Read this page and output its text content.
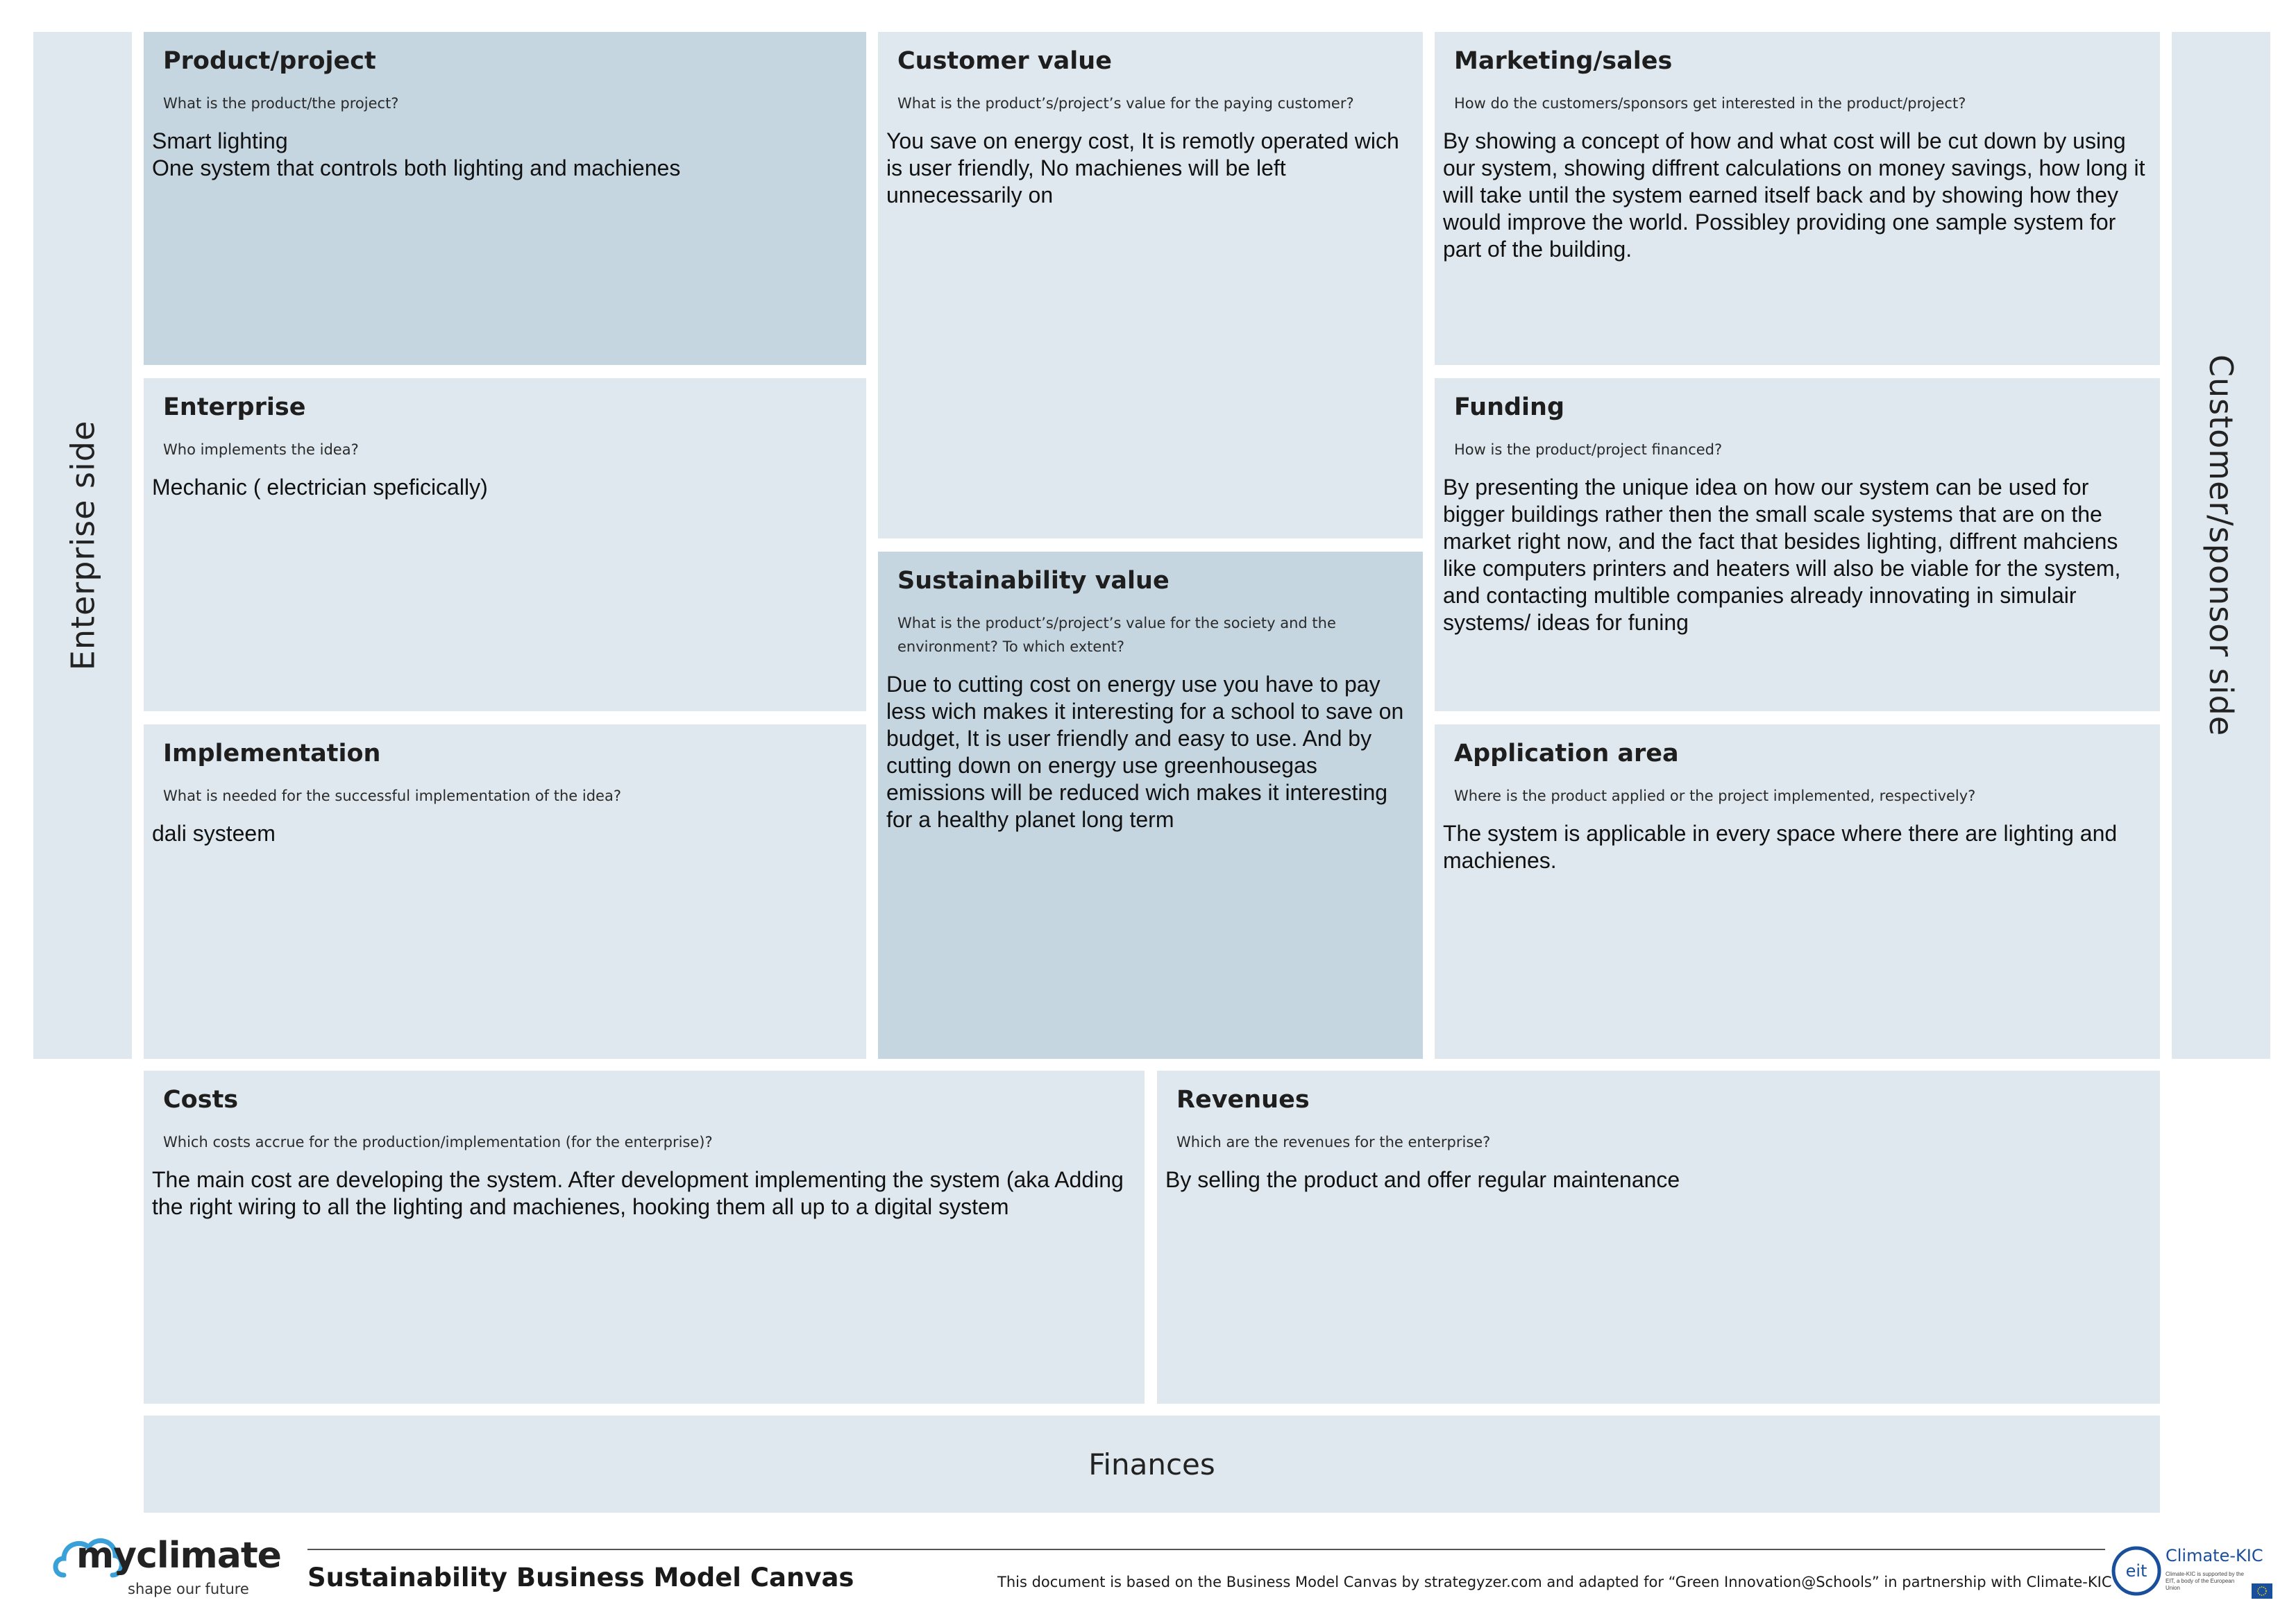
Enterprise side	Customer/sponsor side
Product/project
What is the product/the project?
Smart lighting
One system that controls both lighting and machienes
Customer value
What is the product’s/project’s value for the paying customer?
You save on energy cost, It is remotly operated wich is user friendly, No machienes will be left unnecessarily on
Marketing/sales
How do the customers/sponsors get interested in the product/project?
By showing a concept of how and what cost will be cut down by using our system, showing diffrent calculations on money savings, how long it will take until the system earned itself back and by showing how they would improve the world. Possibley providing one sample system for part of the building.
Enterprise
Who implements the idea?
Mechanic ( electrician speficically)
Funding
How is the product/project financed?
By presenting the unique idea on how our system can be used for bigger buildings rather then the small scale systems that are on the market right now, and the fact that besides lighting, diffrent mahciens like computers printers and heaters will also be viable for the system, and contacting multible companies already innovating in simulair systems/ ideas for funing
Sustainability value
What is the product’s/project’s value for the society and the environment? To which extent?
Due to cutting cost on energy use you have to pay less wich makes it interesting for a school to save on budget, It is user friendly and easy to use. And by cutting down on energy use greenhousegas emissions will be reduced wich makes it interesting for a healthy planet long term
Implementation
What is needed for the successful implementation of the idea?
dali systeem
Application area
Where is the product applied or the project implemented, respectively?
The system is applicable in every space where there are lighting and machienes.
Costs
Which costs accrue for the production/implementation (for the enterprise)?
The main cost are developing the system. After development implementing the system (aka Adding the right wiring to all the lighting and machienes, hooking them all up to a digital system
Revenues
Which are the revenues for the enterprise?
By selling the product and offer regular maintenance
Finances
myclimate
shape our future Sustainability Business Model Canvas	This document is based on the Business Model Canvas by strategyzer.com and adapted for “Green Innovation@Schools” in partnership with Climate-KIC
eit
Climate-KIC
Climate-KIC is supported by the EIT, a body of the European Union
